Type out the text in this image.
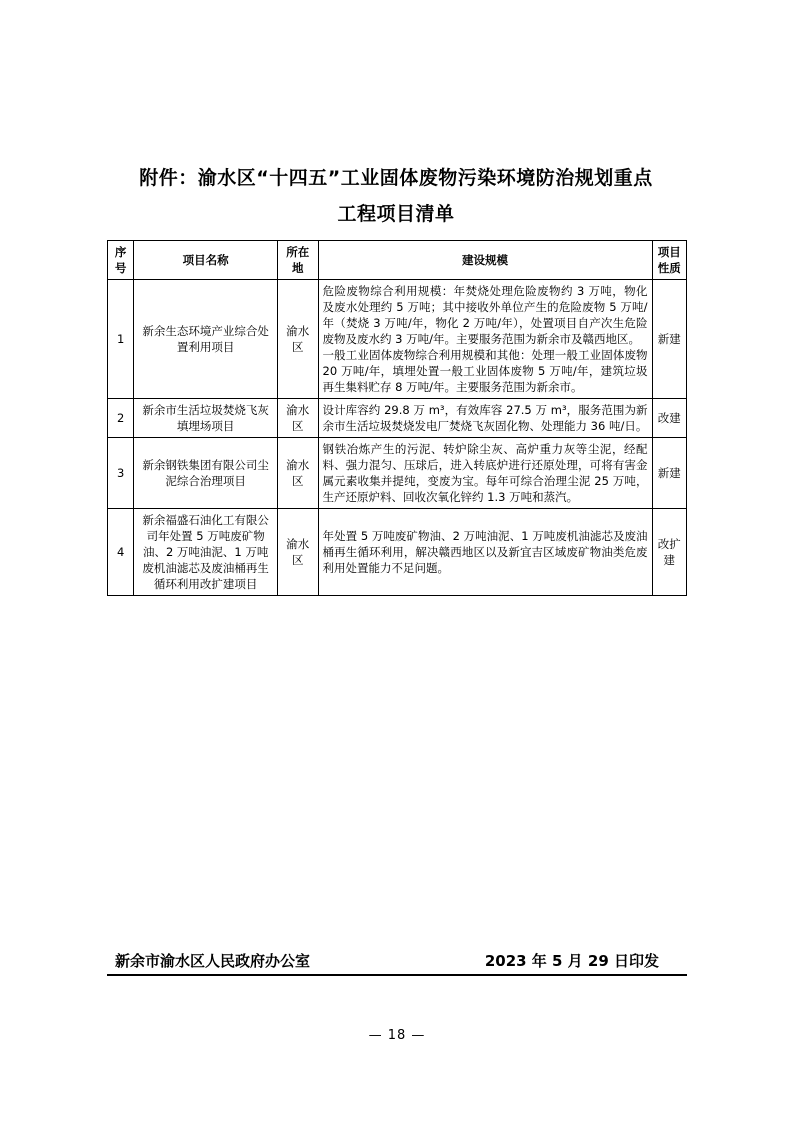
附件：渝水区“十四五”工业固体废物污染环境防治规划重点
工程项目清单
序号	项目名称	所在地	建设规模	项目性质
1	新余生态环境产业综合处置利用项目	渝水区	危险废物综合利用规模：年焚烧处理危险废物约 3 万吨，物化及废水处理约 5 万吨；其中接收外单位产生的危险废物 5 万吨/年（焚烧 3 万吨/年，物化 2 万吨/年），处置项目自产次生危险废物及废水约 3 万吨/年。主要服务范围为新余市及赣西地区。

一般工业固体废物综合利用规模和其他：处理一般工业固体废物 20 万吨/年，填埋处置一般工业固体废物 5 万吨/年，建筑垃圾再生集料贮存 8 万吨/年。主要服务范围为新余市。	新建
2	新余市生活垃圾焚烧飞灰填埋场项目	渝水区	设计库容约 29.8 万 m³，有效库容 27.5 万 m³，服务范围为新余市生活垃圾焚烧发电厂焚烧飞灰固化物、处理能力 36 吨/日。	改建
3	新余钢铁集团有限公司尘泥综合治理项目	渝水区	钢铁冶炼产生的污泥、转炉除尘灰、高炉重力灰等尘泥，经配料、强力混匀、压球后，进入转底炉进行还原处理，可将有害金属元素收集并提纯，变废为宝。每年可综合治理尘泥 25 万吨，生产还原炉料、回收次氧化锌约 1.3 万吨和蒸汽。	新建
4	新余福盛石油化工有限公司年处置 5 万吨废矿物油、2 万吨油泥、1 万吨废机油滤芯及废油桶再生循环利用改扩建项目	渝水区	年处置 5 万吨废矿物油、2 万吨油泥、1 万吨废机油滤芯及废油桶再生循环利用，解决赣西地区以及新宜吉区域废矿物油类危废利用处置能力不足问题。	改扩建
新余市渝水区人民政府办公室	2023 年 5 月 29 日印发
— 18 —
